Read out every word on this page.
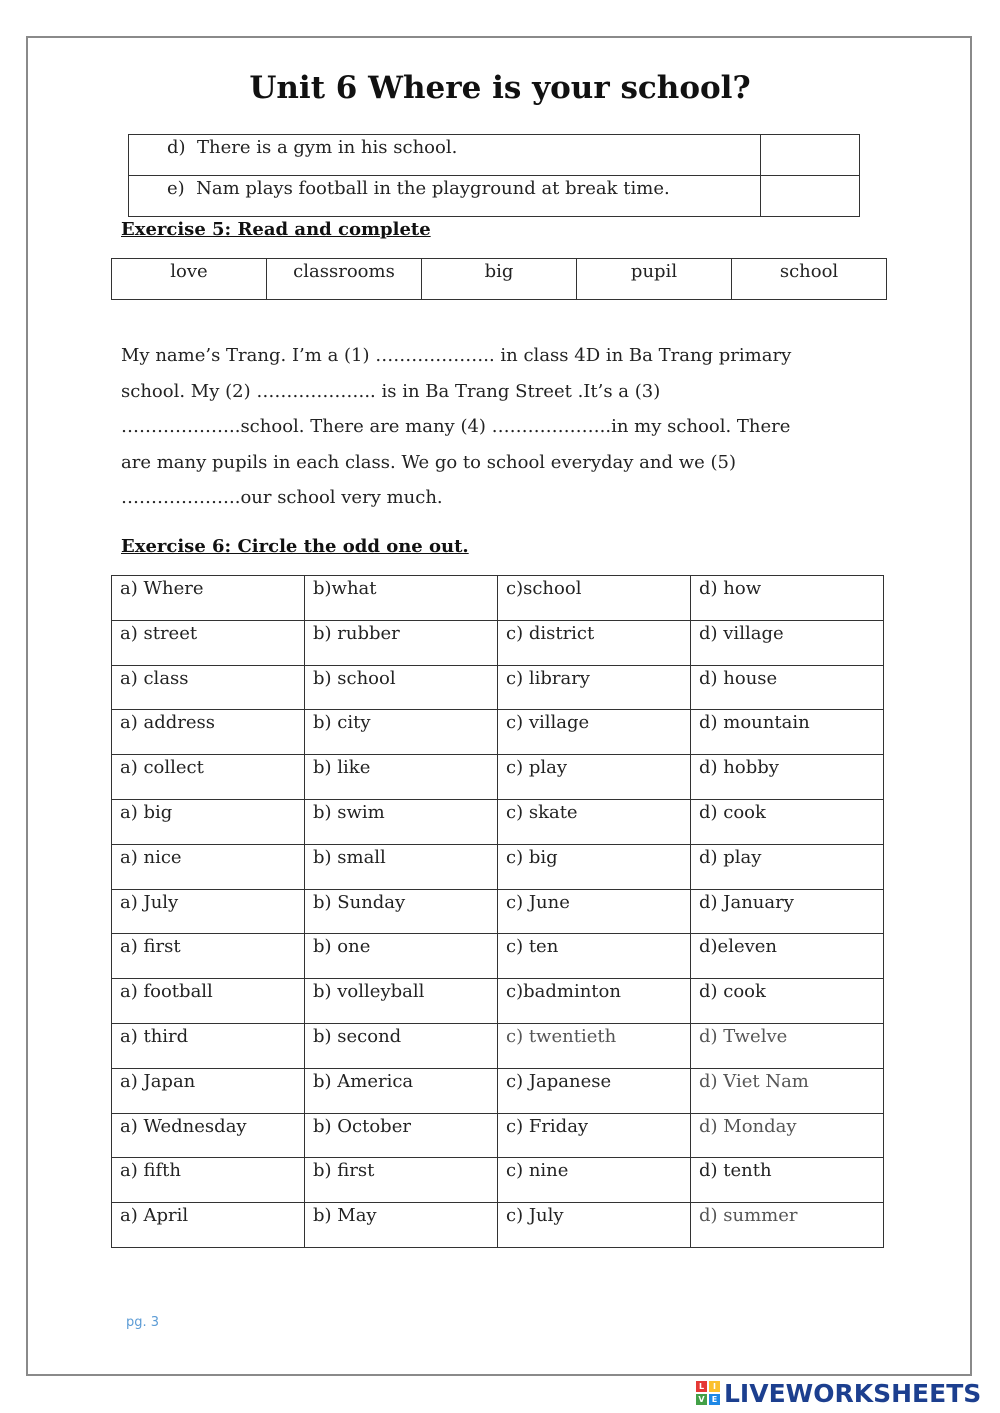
Unit 6 Where is your school?
d) There is a gym in his school.	
e) Nam plays football in the playground at break time.	
Exercise 5: Read and complete
love	classrooms	big	pupil	school

My name’s Trang. I’m a (1) ……………….. in class 4D in Ba Trang primary

school. My (2) ……………….. is in Ba Trang Street .It’s a (3)

………………..school. There are many (4) ………………..in my school. There

are many pupils in each class. We go to school everyday and we (5)

………………..our school very much.

Exercise 6: Circle the odd one out.
a) Where	b)what	c)school	d) how
a) street	b) rubber	c) district	d) village
a) class	b) school	c) library	d) house
a) address	b) city	c) village	d) mountain
a) collect	b) like	c) play	d) hobby
a) big	b) swim	c) skate	d) cook
a) nice	b) small	c) big	d) play
a) July	b) Sunday	c) June	d) January
a) first	b) one	c) ten	d)eleven
a) football	b) volleyball	c)badminton	d) cook
a) third	b) second	c) twentieth	d) Twelve
a) Japan	b) America	c) Japanese	d) Viet Nam
a) Wednesday	b) October	c) Friday	d) Monday
a) fifth	b) first	c) nine	d) tenth
a) April	b) May	c) July	d) summer
pg. 3
L	I
V E LIVEWORKSHEETS
